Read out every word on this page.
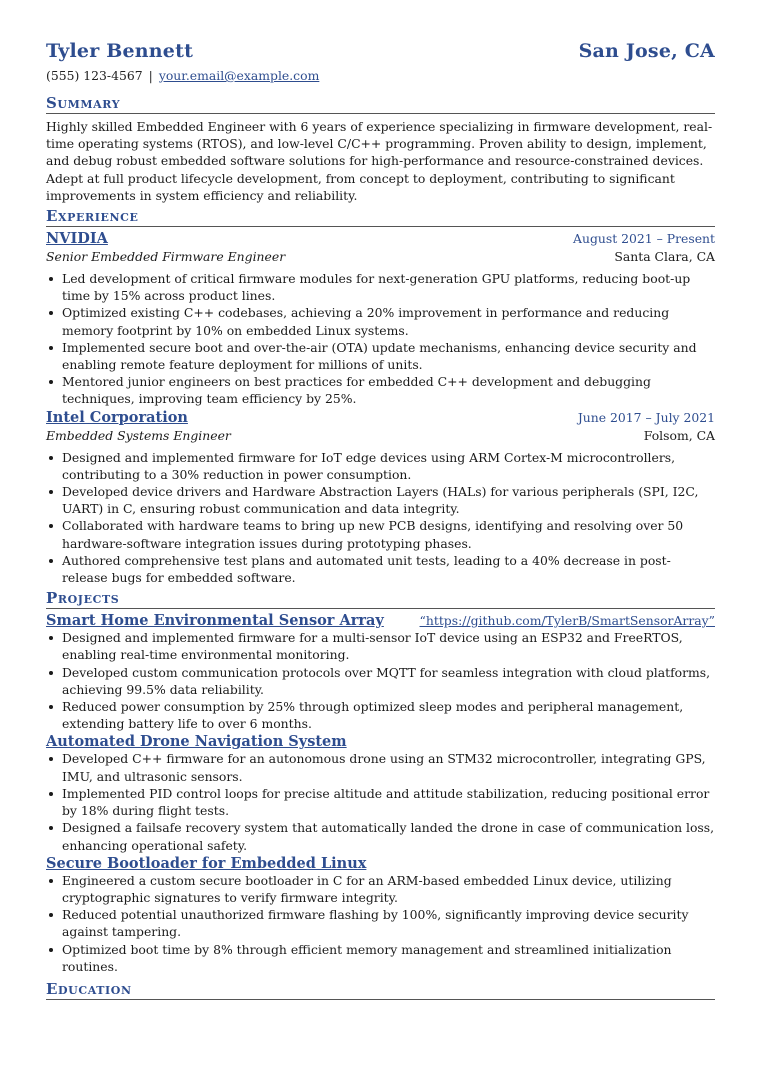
Tyler Bennett	San Jose, CA
(555) 123-4567 | your.email@example.com
Summary

Highly skilled Embedded Engineer with 6 years of experience specializing in firmware development, real-time operating systems (RTOS), and low-level C/C++ programming. Proven ability to design, implement, and debug robust embedded software solutions for high-performance and resource-constrained devices. Adept at full product lifecycle development, from concept to deployment, contributing to significant improvements in system efficiency and reliability.

Experience
NVIDIA	August 2021 – Present
Senior Embedded Firmware Engineer	Santa Clara, CA
Led development of critical firmware modules for next-generation GPU platforms, reducing boot-up time by 15% across product lines.
Optimized existing C++ codebases, achieving a 20% improvement in performance and reducing memory footprint by 10% on embedded Linux systems.
Implemented secure boot and over-the-air (OTA) update mechanisms, enhancing device security and enabling remote feature deployment for millions of units.
Mentored junior engineers on best practices for embedded C++ development and debugging techniques, improving team efficiency by 25%.
Intel Corporation	June 2017 – July 2021
Embedded Systems Engineer	Folsom, CA
Designed and implemented firmware for IoT edge devices using ARM Cortex-M microcontrollers, contributing to a 30% reduction in power consumption.
Developed device drivers and Hardware Abstraction Layers (HALs) for various peripherals (SPI, I2C, UART) in C, ensuring robust communication and data integrity.
Collaborated with hardware teams to bring up new PCB designs, identifying and resolving over 50 hardware-software integration issues during prototyping phases.
Authored comprehensive test plans and automated unit tests, leading to a 40% decrease in post-release bugs for embedded software.
Projects
Smart Home Environmental Sensor Array	“https://github.com/TylerB/SmartSensorArray”
Designed and implemented firmware for a multi-sensor IoT device using an ESP32 and FreeRTOS, enabling real-time environmental monitoring.
Developed custom communication protocols over MQTT for seamless integration with cloud platforms, achieving 99.5% data reliability.
Reduced power consumption by 25% through optimized sleep modes and peripheral management, extending battery life to over 6 months.
Automated Drone Navigation System
Developed C++ firmware for an autonomous drone using an STM32 microcontroller, integrating GPS, IMU, and ultrasonic sensors.
Implemented PID control loops for precise altitude and attitude stabilization, reducing positional error by 18% during flight tests.
Designed a failsafe recovery system that automatically landed the drone in case of communication loss, enhancing operational safety.
Secure Bootloader for Embedded Linux
Engineered a custom secure bootloader in C for an ARM-based embedded Linux device, utilizing cryptographic signatures to verify firmware integrity.
Reduced potential unauthorized firmware flashing by 100%, significantly improving device security against tampering.
Optimized boot time by 8% through efficient memory management and streamlined initialization routines.
Education
